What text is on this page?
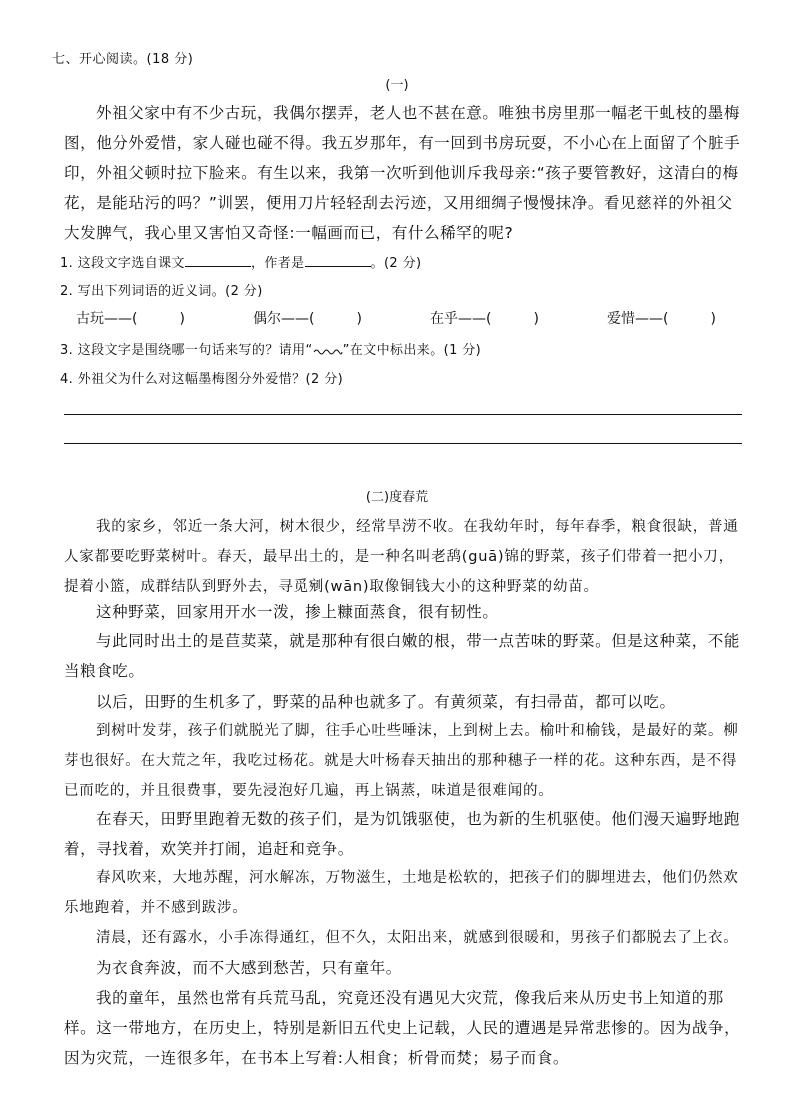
七、开心阅读。(18 分)
(一)

外祖父家中有不少古玩，我偶尔摆弄，老人也不甚在意。唯独书房里那一幅老干虬枝的墨梅图，他分外爱惜，家人碰也碰不得。我五岁那年，有一回到书房玩耍，不小心在上面留了个脏手印，外祖父顿时拉下脸来。有生以来，我第一次听到他训斥我母亲:“孩子要管教好，这清白的梅花，是能玷污的吗？”训罢，便用刀片轻轻刮去污迹，又用细绸子慢慢抹净。看见慈祥的外祖父大发脾气，我心里又害怕又奇怪:一幅画而已，有什么稀罕的呢?

1. 这段文字选自课文	，作者是	。(2 分)
2. 写出下列词语的近义词。(2 分)
古玩——(　　　)	偶尔——(　　　)	在乎——(　　　)	爱惜——(　　　)
3. 这段文字是围绕哪一句话来写的？请用“ ”在文中标出来。(1 分)
4. 外祖父为什么对这幅墨梅图分外爱惜？(2 分)
(二)度春荒

我的家乡，邻近一条大河，树木很少，经常旱涝不收。在我幼年时，每年春季，粮食很缺，普通人家都要吃野菜树叶。春天，最早出土的，是一种名叫老鸹(guā)锦的野菜，孩子们带着一把小刀，提着小篮，成群结队到野外去，寻觅剜(wān)取像铜钱大小的这种野菜的幼苗。

这种野菜，回家用开水一泼，掺上糠面蒸食，很有韧性。

与此同时出土的是苣荬菜，就是那种有很白嫩的根，带一点苦味的野菜。但是这种菜，不能当粮食吃。

以后，田野的生机多了，野菜的品种也就多了。有黄须菜，有扫帚苗，都可以吃。

到树叶发芽，孩子们就脱光了脚，往手心吐些唾沫，上到树上去。榆叶和榆钱，是最好的菜。柳芽也很好。在大荒之年，我吃过杨花。就是大叶杨春天抽出的那种穗子一样的花。这种东西，是不得已而吃的，并且很费事，要先浸泡好几遍，再上锅蒸，味道是很难闻的。

在春天，田野里跑着无数的孩子们，是为饥饿驱使，也为新的生机驱使。他们漫天遍野地跑着，寻找着，欢笑并打闹，追赶和竞争。

春风吹来，大地苏醒，河水解冻，万物滋生，土地是松软的，把孩子们的脚埋进去，他们仍然欢乐地跑着，并不感到跋涉。

清晨，还有露水，小手冻得通红，但不久，太阳出来，就感到很暖和，男孩子们都脱去了上衣。

为衣食奔波，而不大感到愁苦，只有童年。

我的童年，虽然也常有兵荒马乱，究竟还没有遇见大灾荒，像我后来从历史书上知道的那样。这一带地方，在历史上，特别是新旧五代史上记载，人民的遭遇是异常悲惨的。因为战争，因为灾荒，一连很多年，在书本上写着:人相食；析骨而焚；易子而食。
